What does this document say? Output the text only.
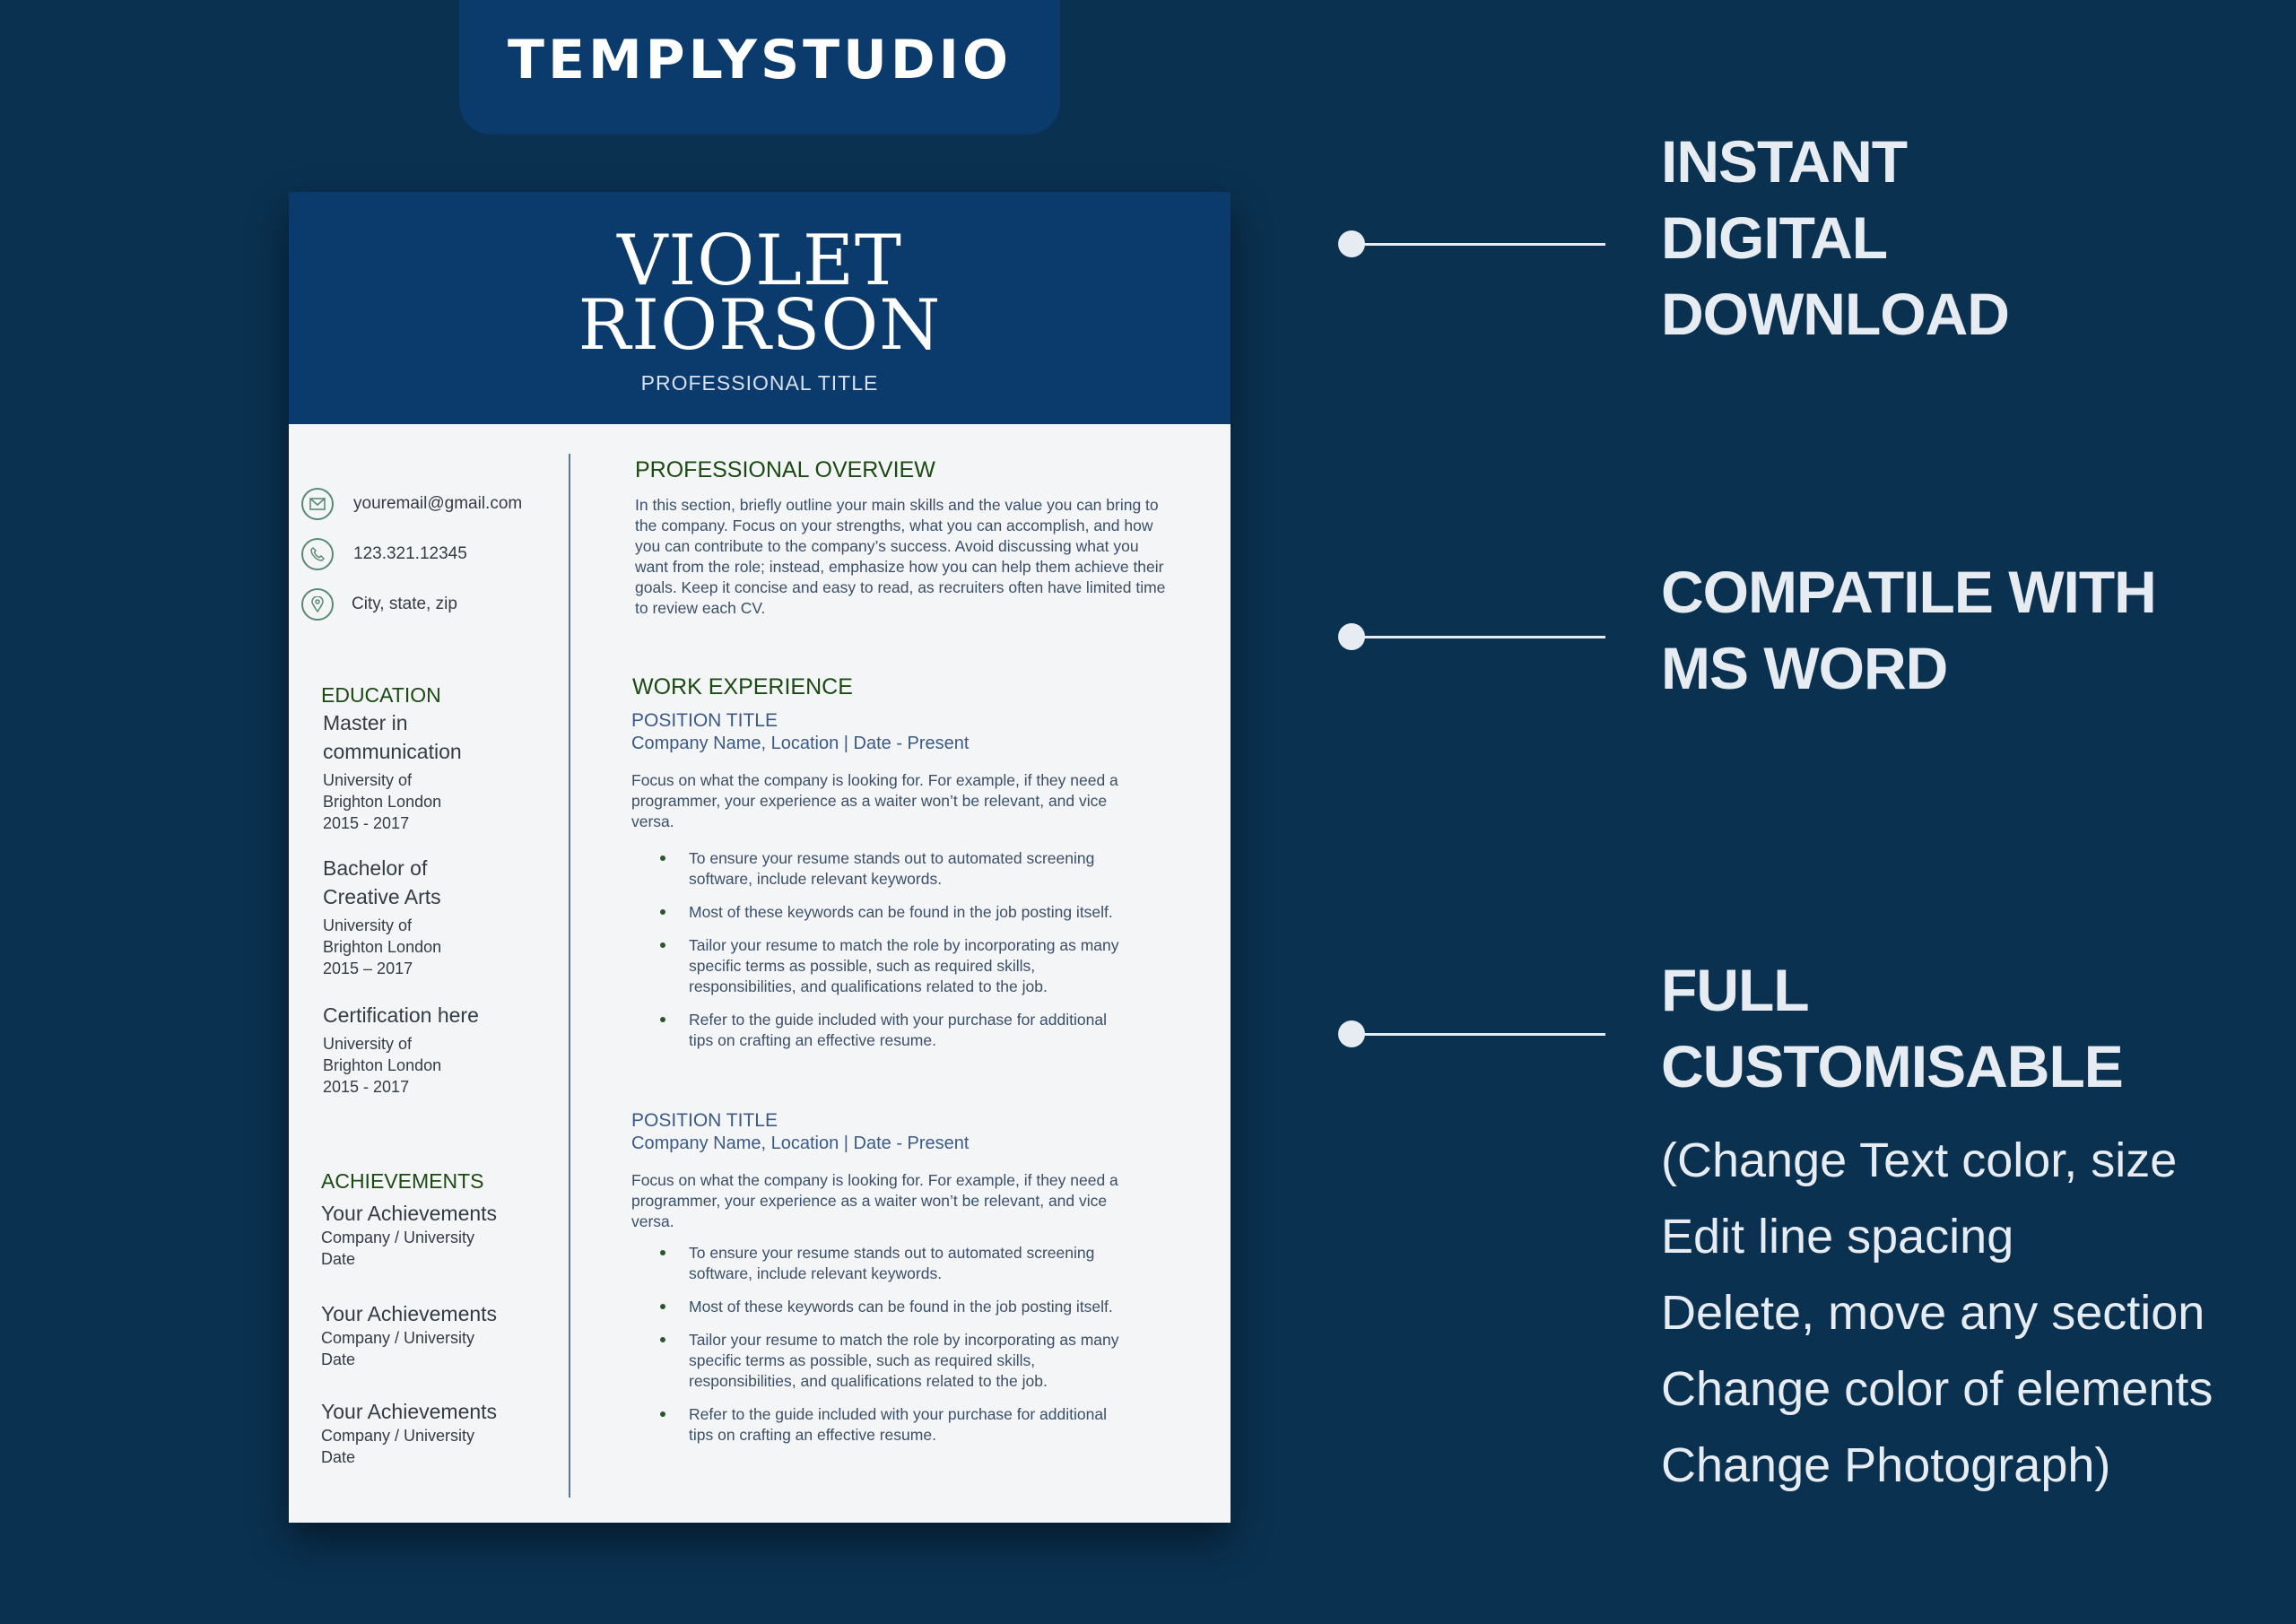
TEMPLYSTUDIO
VIOLET
RIORSON
PROFESSIONAL TITLE
youremail@gmail.com
123.321.12345
City, state, zip
EDUCATION
Master in
communication
University of
Brighton London
2015 - 2017
Bachelor of
Creative Arts
University of
Brighton London
2015 – 2017
Certification here
University of
Brighton London
2015 - 2017
ACHIEVEMENTS
Your Achievements
Company / University
Date
Your Achievements
Company / University
Date
Your Achievements
Company / University
Date
PROFESSIONAL OVERVIEW
In this section, briefly outline your main skills and the value you can bring to the company. Focus on your strengths, what you can accomplish, and how you can contribute to the company’s success. Avoid discussing what you want from the role; instead, emphasize how you can help them achieve their goals. Keep it concise and easy to read, as recruiters often have limited time to review each CV.
WORK EXPERIENCE
POSITION TITLE
Company Name, Location | Date - Present
Focus on what the company is looking for. For example, if they need a programmer, your experience as a waiter won’t be relevant, and vice versa.
To ensure your resume stands out to automated screening software, include relevant keywords.
Most of these keywords can be found in the job posting itself.
Tailor your resume to match the role by incorporating as many specific terms as possible, such as required skills, responsibilities, and qualifications related to the job.
Refer to the guide included with your purchase for additional tips on crafting an effective resume.
POSITION TITLE
Company Name, Location | Date - Present
Focus on what the company is looking for. For example, if they need a programmer, your experience as a waiter won’t be relevant, and vice versa.
To ensure your resume stands out to automated screening software, include relevant keywords.
Most of these keywords can be found in the job posting itself.
Tailor your resume to match the role by incorporating as many specific terms as possible, such as required skills, responsibilities, and qualifications related to the job.
Refer to the guide included with your purchase for additional tips on crafting an effective resume.
INSTANT
DIGITAL
DOWNLOAD
COMPATILE WITH
MS WORD
FULL
CUSTOMISABLE
(Change Text color, size
Edit line spacing
Delete, move any section
Change color of elements
Change Photograph)
